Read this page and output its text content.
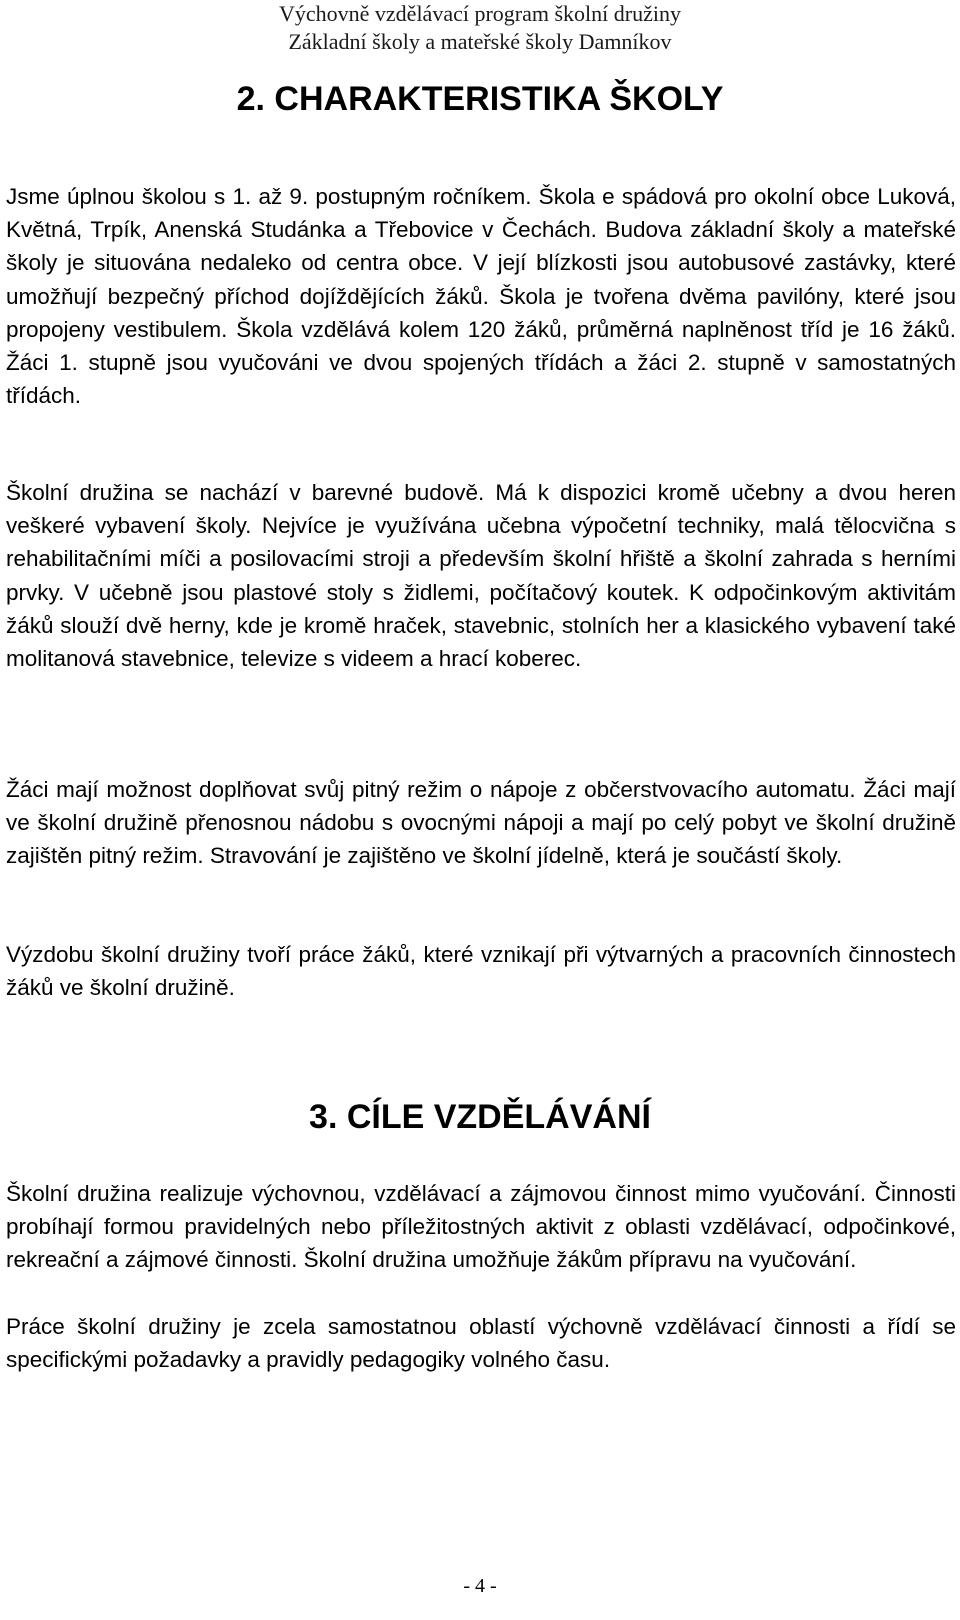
Výchovně vzdělávací program školní družiny
Základní školy a mateřské školy Damníkov
2. CHARAKTERISTIKA ŠKOLY
Jsme úplnou školou s 1. až 9. postupným ročníkem. Škola e spádová pro okolní obce Luková, Květná, Trpík, Anenská Studánka a Třebovice v Čechách. Budova základní školy a mateřské školy je situována nedaleko od centra obce. V její blízkosti jsou autobusové zastávky, které umožňují bezpečný příchod dojíždějících žáků. Škola je tvořena dvěma pavilóny, které jsou propojeny vestibulem. Škola vzdělává kolem 120 žáků, průměrná naplněnost tříd je 16 žáků. Žáci 1. stupně jsou vyučováni ve dvou spojených třídách a žáci 2. stupně v samostatných třídách.
Školní družina se nachází v barevné budově. Má k dispozici kromě učebny a dvou heren veškeré vybavení školy. Nejvíce je využívána učebna výpočetní techniky, malá tělocvična s rehabilitačními míči a posilovacími stroji a především školní hřiště a školní zahrada s herními prvky. V učebně jsou plastové stoly s židlemi, počítačový koutek. K odpočinkovým aktivitám žáků slouží dvě herny, kde je kromě hraček, stavebnic, stolních her a klasického vybavení také molitanová stavebnice, televize s videem a hrací koberec.
Žáci mají možnost doplňovat svůj pitný režim o nápoje z občerstvovacího automatu. Žáci mají ve školní družině přenosnou nádobu s ovocnými nápoji a mají po celý pobyt ve školní družině zajištěn pitný režim. Stravování je zajištěno ve školní jídelně, která je součástí školy.
Výzdobu školní družiny tvoří práce žáků, které vznikají při výtvarných a pracovních činnostech žáků ve školní družině.
3. CÍLE VZDĚLÁVÁNÍ
Školní družina realizuje výchovnou, vzdělávací a zájmovou činnost mimo vyučování. Činnosti probíhají formou pravidelných nebo příležitostných aktivit z oblasti vzdělávací, odpočinkové, rekreační a zájmové činnosti. Školní družina umožňuje žákům přípravu na vyučování.
Práce školní družiny je zcela samostatnou oblastí výchovně vzdělávací činnosti a řídí se specifickými požadavky a pravidly pedagogiky volného času.
- 4 -
